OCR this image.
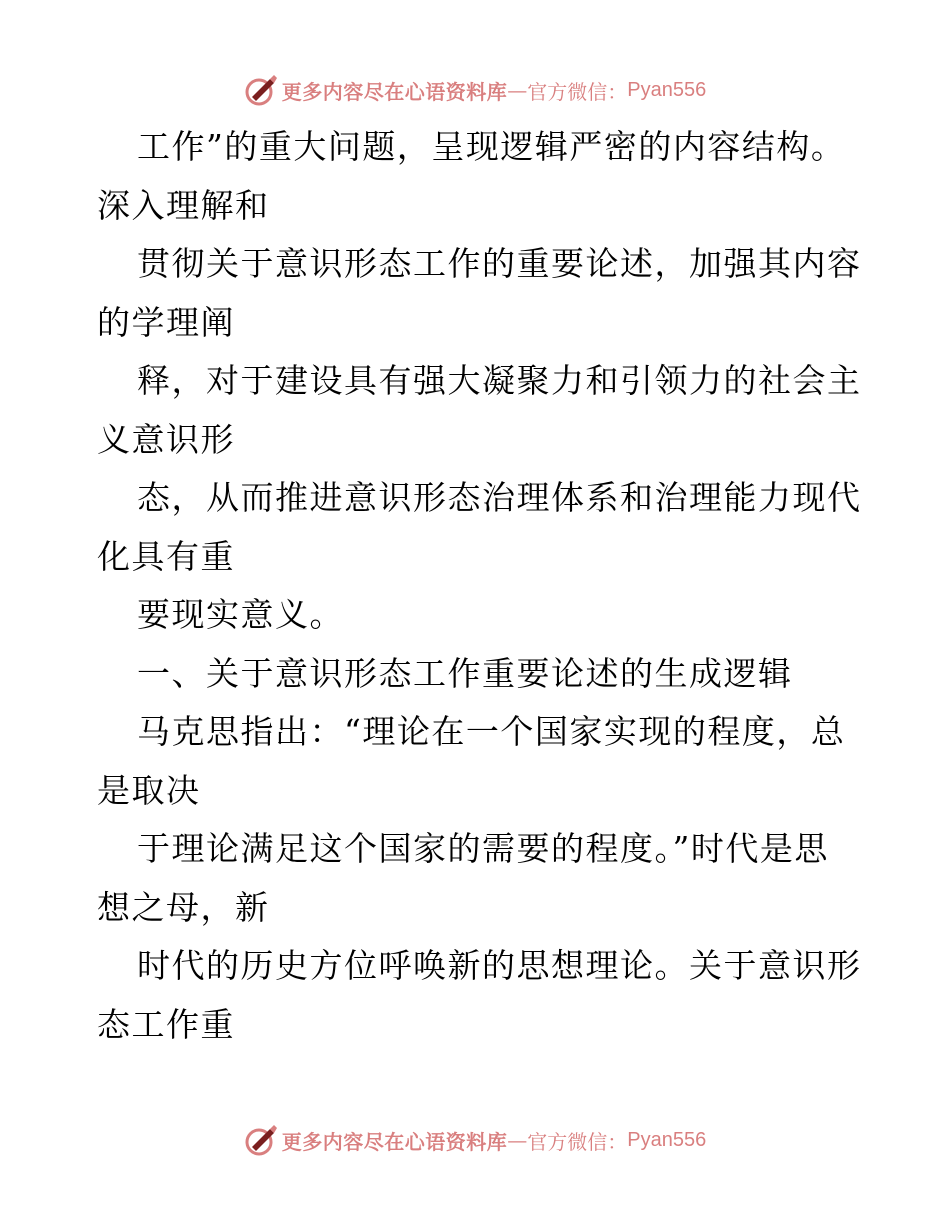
更多内容尽在心语资料库 — 官方微信： Pyan556
工作”的重大问题，呈现逻辑严密的内容结构。
深入理解和
贯彻关于意识形态工作的重要论述，加强其内容
的学理阐
释，对于建设具有强大凝聚力和引领力的社会主
义意识形
态，从而推进意识形态治理体系和治理能力现代
化具有重
要现实意义。
一、关于意识形态工作重要论述的生成逻辑
马克思指出：“理论在一个国家实现的程度，总
是取决
于理论满足这个国家的需要的程度。”时代是思
想之母，新
时代的历史方位呼唤新的思想理论。关于意识形
态工作重
更多内容尽在心语资料库 — 官方微信： Pyan556
